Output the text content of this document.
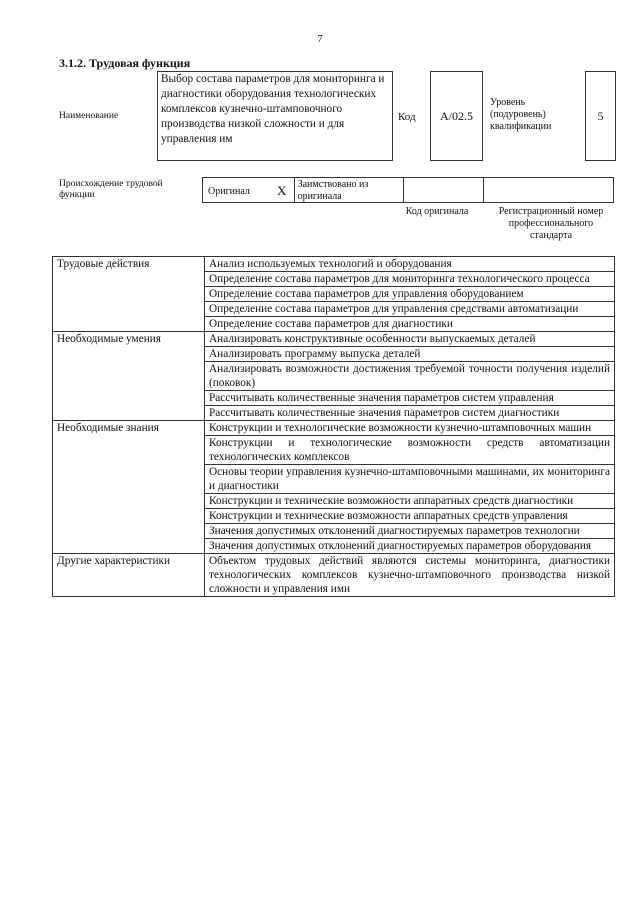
7
3.1.2. Трудовая функция
Наименование
Выбор состава параметров для мониторинга и диагностики оборудования технологических комплексов кузнечно-штамповочного производства низкой сложности и для управления им
Код A/02.5
Уровень (подуровень) квалификации
5
Происхождение трудовой функции	Оригинал X Заимствовано из оригинала
Код оригинала	Регистрационный номер профессионального стандарта
Трудовые действия	Анализ используемых технологий и оборудования
	Определение состава параметров для мониторинга технологического процесса
	Определение состава параметров для управления оборудованием
	Определение состава параметров для управления средствами автоматизации
	Определение состава параметров для диагностики
Необходимые умения	Анализировать конструктивные особенности выпускаемых деталей
	Анализировать программу выпуска деталей
	Анализировать возможности достижения требуемой точности получения изделий (поковок)
	Рассчитывать количественные значения параметров систем управления
	Рассчитывать количественные значения параметров систем диагностики
Необходимые знания	Конструкции и технологические возможности кузнечно-штамповочных машин
	Конструкции и технологические возможности средств автоматизации технологических комплексов
	Основы теории управления кузнечно-штамповочными машинами, их мониторинга и диагностики
	Конструкции и технические возможности аппаратных средств диагностики
	Конструкции и технические возможности аппаратных средств управления
	Значения допустимых отклонений диагностируемых параметров технологии
	Значения допустимых отклонений диагностируемых параметров оборудования
Другие характеристики	Объектом трудовых действий являются системы мониторинга, диагностики технологических комплексов кузнечно-штамповочного производства низкой сложности и управления ими
